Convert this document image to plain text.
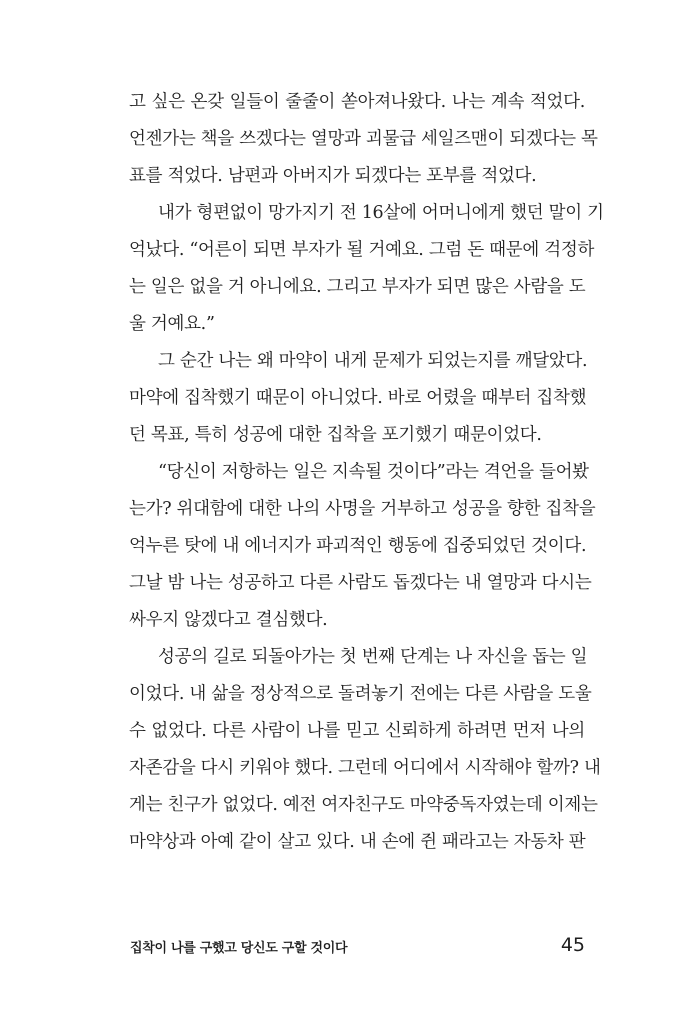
고 싶은 온갖 일들이 줄줄이 쏟아져나왔다. 나는 계속 적었다.
언젠가는 책을 쓰겠다는 열망과 괴물급 세일즈맨이 되겠다는 목
표를 적었다. 남편과 아버지가 되겠다는 포부를 적었다.
내가 형편없이 망가지기 전 16살에 어머니에게 했던 말이 기
억났다. “어른이 되면 부자가 될 거예요. 그럼 돈 때문에 걱정하
는 일은 없을 거 아니에요. 그리고 부자가 되면 많은 사람을 도
울 거예요.”
그 순간 나는 왜 마약이 내게 문제가 되었는지를 깨달았다.
마약에 집착했기 때문이 아니었다. 바로 어렸을 때부터 집착했
던 목표, 특히 성공에 대한 집착을 포기했기 때문이었다.
“당신이 저항하는 일은 지속될 것이다”라는 격언을 들어봤
는가? 위대함에 대한 나의 사명을 거부하고 성공을 향한 집착을
억누른 탓에 내 에너지가 파괴적인 행동에 집중되었던 것이다.
그날 밤 나는 성공하고 다른 사람도 돕겠다는 내 열망과 다시는
싸우지 않겠다고 결심했다.
성공의 길로 되돌아가는 첫 번째 단계는 나 자신을 돕는 일
이었다. 내 삶을 정상적으로 돌려놓기 전에는 다른 사람을 도울
수 없었다. 다른 사람이 나를 믿고 신뢰하게 하려면 먼저 나의
자존감을 다시 키워야 했다. 그런데 어디에서 시작해야 할까? 내
게는 친구가 없었다. 예전 여자친구도 마약중독자였는데 이제는
마약상과 아예 같이 살고 있다. 내 손에 쥔 패라고는 자동차 판
집착이 나를 구했고 당신도 구할 것이다	45
